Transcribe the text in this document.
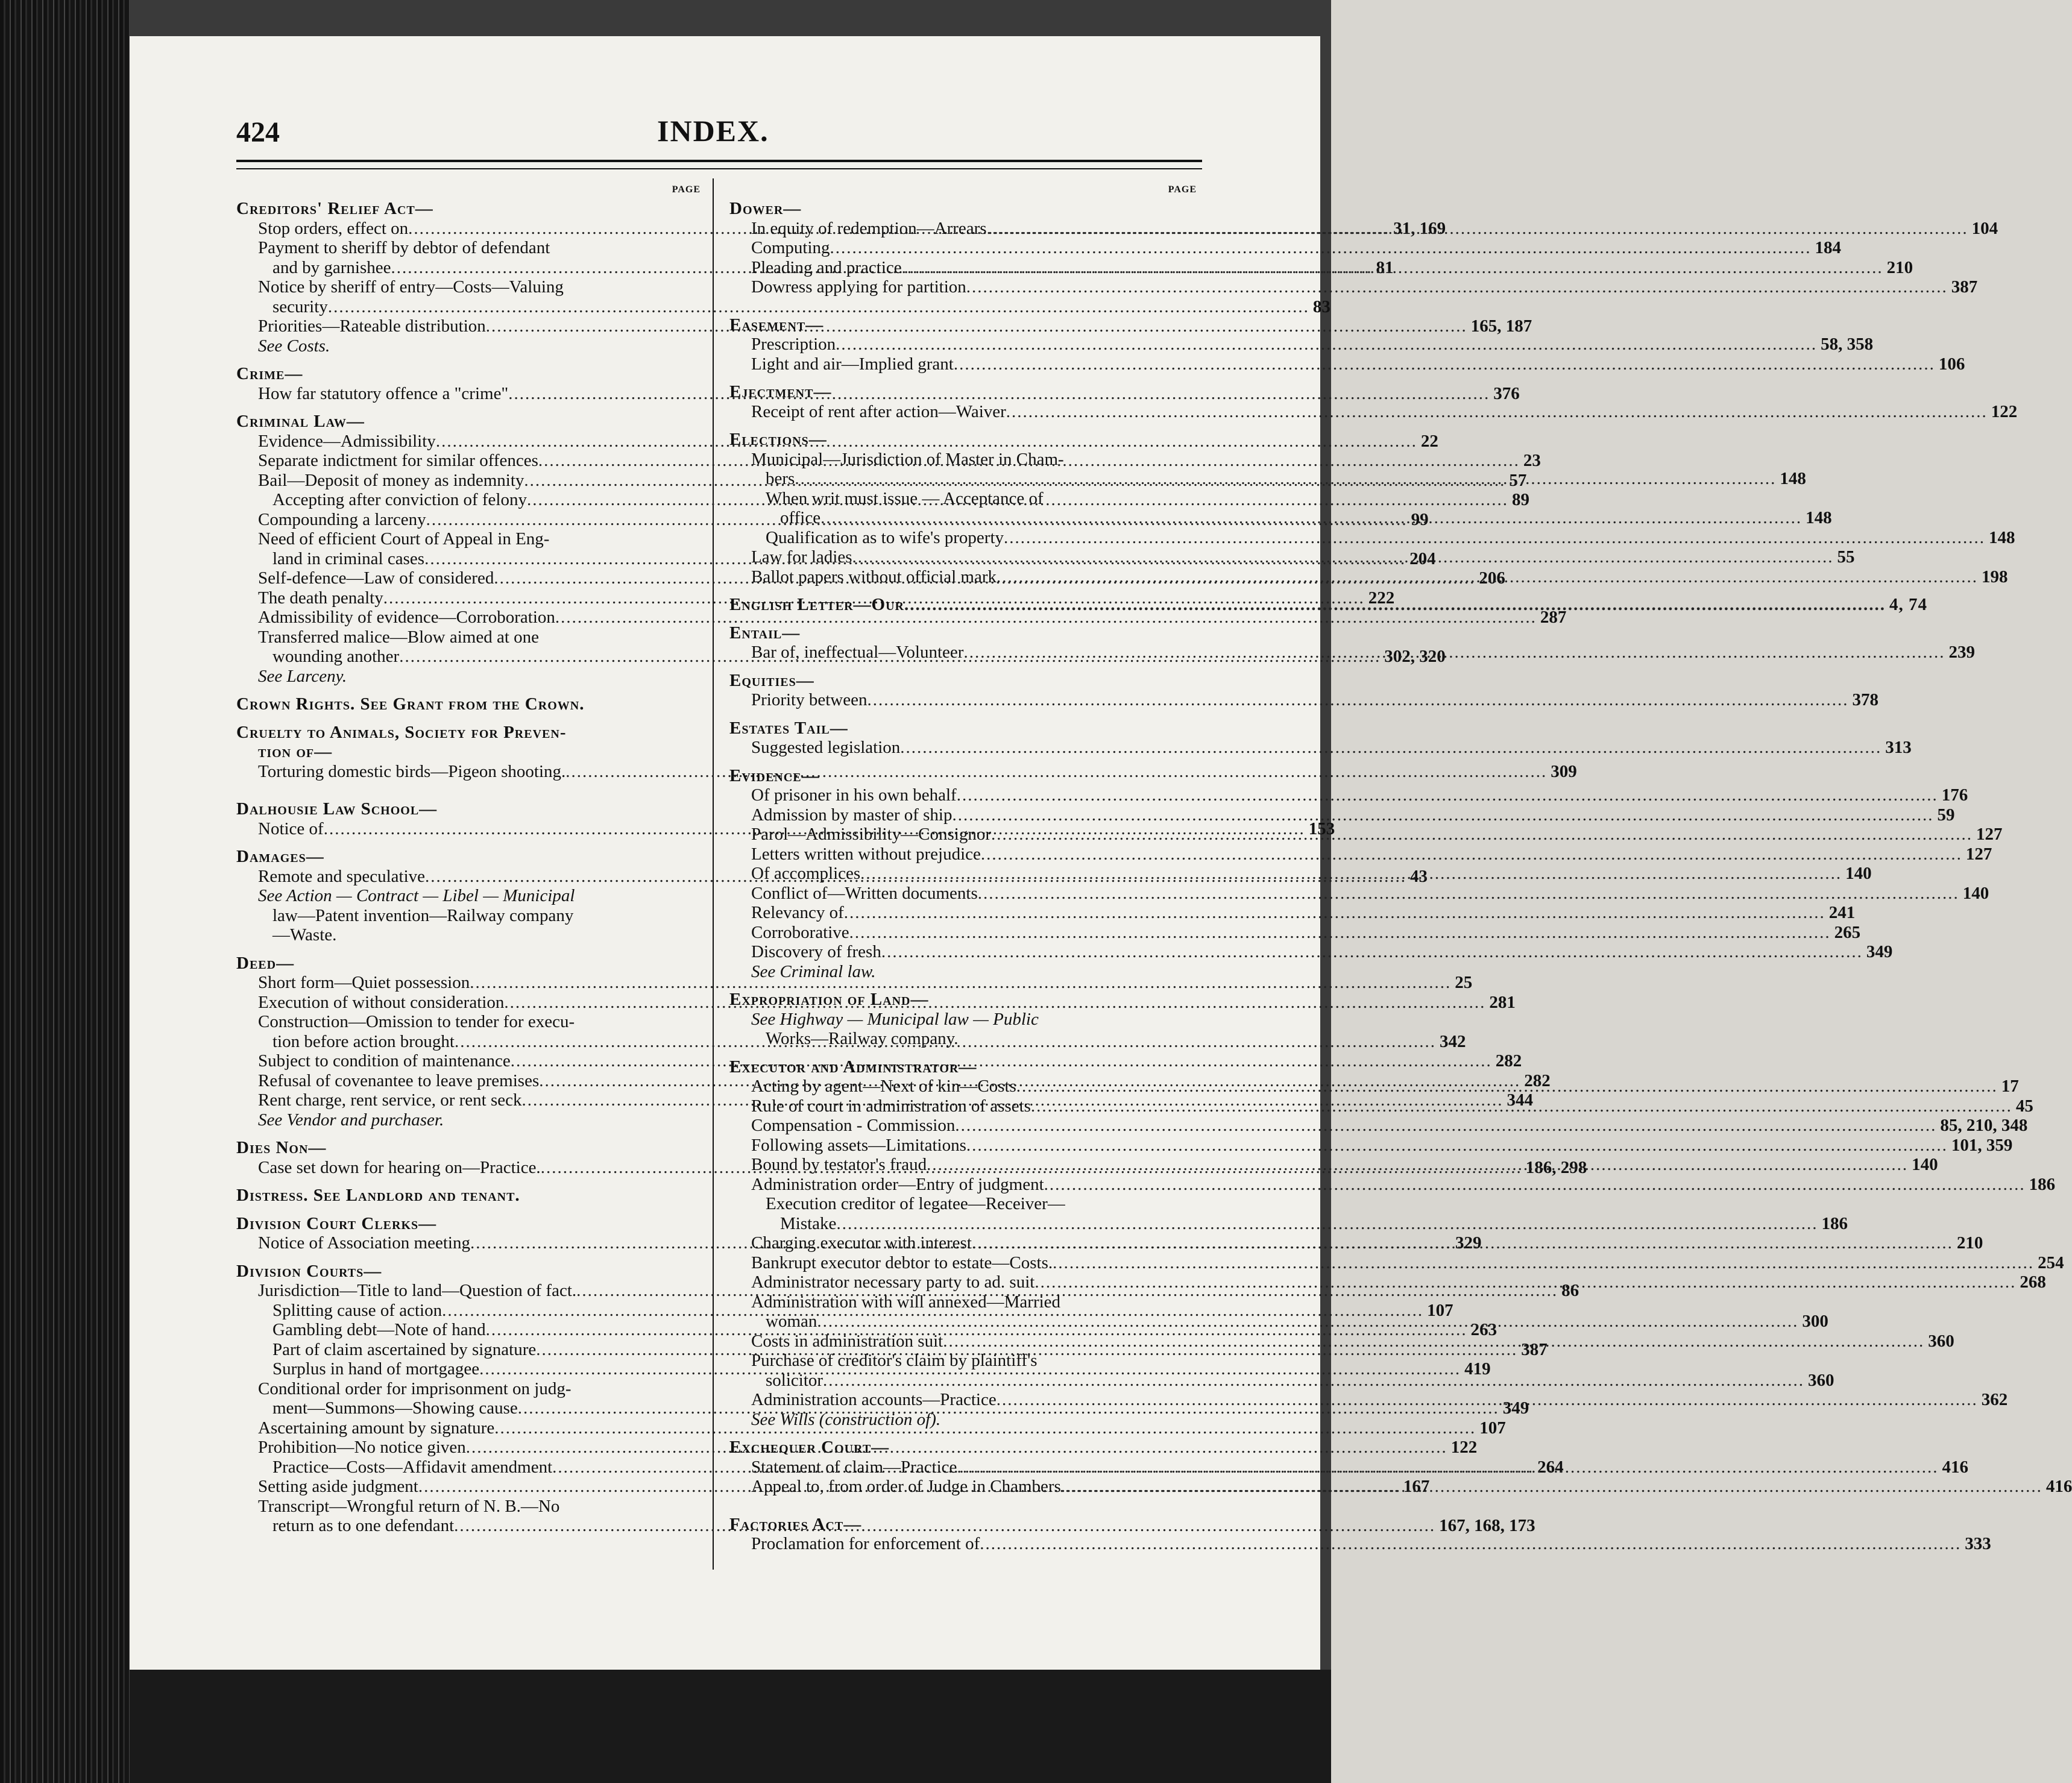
424	INDEX.
PAGE
Creditors' Relief Act—
Stop orders, effect on .....	31, 169
Payment to sheriff by debtor of defendant
and by garnishee .....	81
Notice by sheriff of entry—Costs—Valuing
security .....	83
Priorities—Rateable distribution .....	165, 187
See Costs.
Crime—
How far statutory offence a "crime" .....	376
Criminal Law—
Evidence—Admissibility .....	22
Separate indictment for similar offences .....	23
Bail—Deposit of money as indemnity .....	57
Accepting after conviction of felony .....	89
Compounding a larceny .....	99
Need of efficient Court of Appeal in Eng-
land in criminal cases .....	204
Self-defence—Law of considered .....	206
The death penalty .....	222
Admissibility of evidence—Corroboration .....	287
Transferred malice—Blow aimed at one
wounding another .....	302, 320
See Larceny.
Crown Rights. See Grant from the Crown.
Cruelty to Animals, Society for Preven-
tion of—
Torturing domestic birds—Pigeon shooting. .....	309
Dalhousie Law School—
Notice of .....	153
Damages—
Remote and speculative .....	43
See Action — Contract — Libel — Municipal
law—Patent invention—Railway company
—Waste.
Deed—
Short form—Quiet possession .....	25
Execution of without consideration .....	281
Construction—Omission to tender for execu-
tion before action brought .....	342
Subject to condition of maintenance .....	282
Refusal of covenantee to leave premises .....	282
Rent charge, rent service, or rent seck .....	344
See Vendor and purchaser.
Dies Non—
Case set down for hearing on—Practice. .....	186, 298
Distress. See Landlord and tenant.
Division Court Clerks—
Notice of Association meeting .....	329
Division Courts—
Jurisdiction—Title to land—Question of fact. .....	86
Splitting cause of action .....	107
Gambling debt—Note of hand .....	263
Part of claim ascertained by signature .....	387
Surplus in hand of mortgagee .....	419
Conditional order for imprisonment on judg-
ment—Summons—Showing cause .....	349
Ascertaining amount by signature .....	107
Prohibition—No notice given .....	122
Practice—Costs—Affidavit amendment .....	264
Setting aside judgment .....	167
Transcript—Wrongful return of N. B.—No
return as to one defendant .....	167, 168, 173
PAGE
Dower—
In equity of redemption—Arrears .....	104
Computing .....	184
Pleading and practice .....	210
Dowress applying for partition .....	387
Easement—
Prescription .....	58, 358
Light and air—Implied grant .....	106
Ejectment—
Receipt of rent after action—Waiver .....	122
Elections—
Municipal—Jurisdiction of Master in Cham-
bers .....	148
When writ must issue — Acceptance of
office .....	148
Qualification as to wife's property .....	148
Law for ladies .....	55
Ballot papers without official mark .....	198
English Letter—Our .....	4, 74
Entail—
Bar of, ineffectual—Volunteer .....	239
Equities—
Priority between .....	378
Estates Tail—
Suggested legislation .....	313
Evidence—
Of prisoner in his own behalf .....	176
Admission by master of ship .....	59
Parol—Admissibility—Consignor .....	127
Letters written without prejudice .....	127
Of accomplices .....	140
Conflict of—Written documents .....	140
Relevancy of .....	241
Corroborative .....	265
Discovery of fresh .....	349
See Criminal law.
Expropriation of Land—
See Highway — Municipal law — Public
Works—Railway company.
Executor and Administrator—
Acting by agent—Next of kin—Costs .....	17
Rule of court in administration of assets .....	45
Compensation - Commission .....	85, 210, 348
Following assets—Limitations .....	101, 359
Bound by testator's fraud .....	140
Administration order—Entry of judgment .....	186
Execution creditor of legatee—Receiver—
Mistake .....	186
Charging executor with interest .....	210
Bankrupt executor debtor to estate—Costs. .....	254
Administrator necessary party to ad. suit .....	268
Administration with will annexed—Married
woman .....	300
Costs in administration suit .....	360
Purchase of creditor's claim by plaintiff's
solicitor .....	360
Administration accounts—Practice .....	362
See Wills (construction of).
Exchequer Court—
Statement of claim—Practice .....	416
Appeal to, from order of Judge in Chambers .....	416
Factories Act—
Proclamation for enforcement of .....	333
